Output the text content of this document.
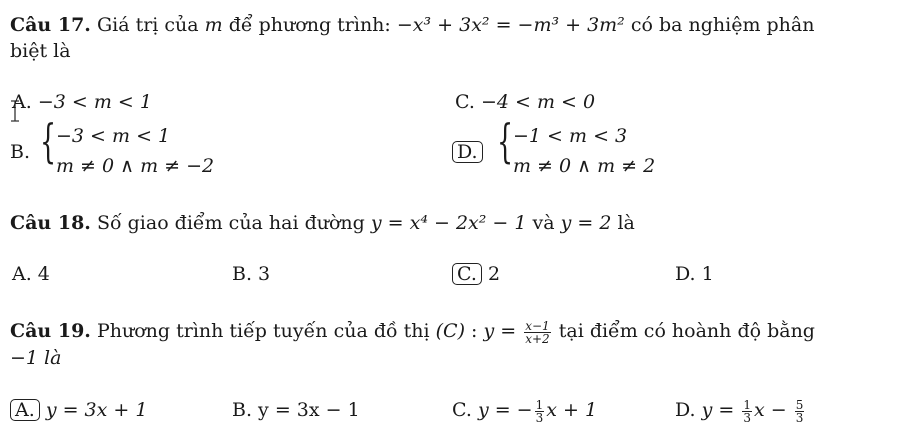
Câu 17. Giá trị của m để phương trình: −x³ + 3x² = −m³ + 3m² có ba nghiệm phân
biệt là
A. −3 < m < 1	C. −4 < m < 0
B. { −3 < m < 1
m ≠ 0 ∧ m ≠ −2
D. { −1 < m < 3
m ≠ 0 ∧ m ≠ 2
Câu 18. Số giao điểm của hai đường y = x⁴ − 2x² − 1 và y = 2 là
A. 4	B. 3	C. 2	D. 1
Câu 19. Phương trình tiếp tuyến của đồ thị (C) : $y = \frac{x-1}{x+2}$ tại điểm có hoành độ bằng
−1 là
A. y = 3x + 1	B. y = 3x − 1	C. y = − $\frac{1}{3}$ x + 1	D. $y = \frac{1}{3}$ $x - \frac{5}{3}$
